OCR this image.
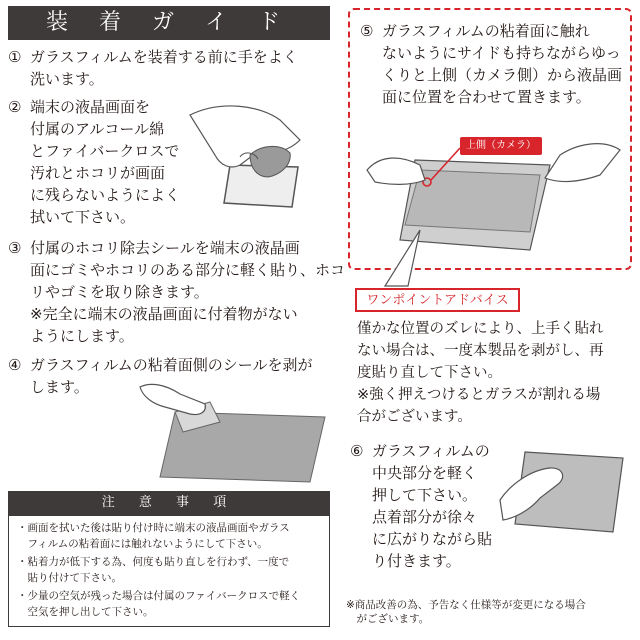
装 着 ガ イ ド
① ガラスフィルムを装着する前に手をよく
洗います。
② 端末の液晶画面を
付属のアルコール綿
とファイバークロスで
汚れとホコリが画面
に残らないようによく
拭いて下さい。
③ 付属のホコリ除去シールを端末の液晶画
面にゴミやホコリのある部分に軽く貼り、ホコ
リやゴミを取り除きます。
※完全に端末の液晶画面に付着物がない
ようにします。
④ ガラスフィルムの粘着面側のシールを剥が
します。
注 意 事 項
・画面を拭いた後は貼り付け時に端末の液晶画面やガラス
　フィルムの粘着面には触れないようにして下さい。
・粘着力が低下する為、何度も貼り直しを行わず、一度で
　貼り付けて下さい。
・少量の空気が残った場合は付属のファイバークロスで軽く
　空気を押し出して下さい。
⑤ ガラスフィルムの粘着面に触れ
ないようにサイドも持ちながらゆっ
くりと上側（カメラ側）から液晶画
面に位置を合わせて置きます。
上側（カメラ）
ワンポイントアドバイス
僅かな位置のズレにより、上手く貼れ
ない場合は、一度本製品を剥がし、再
度貼り直して下さい。
※強く押えつけるとガラスが割れる場
合がございます。
⑥ ガラスフィルムの
中央部分を軽く
押して下さい。
点着部分が徐々
に広がりながら貼
り付きます。
※商品改善の為、予告なく仕様等が変更になる場合
　がございます。
